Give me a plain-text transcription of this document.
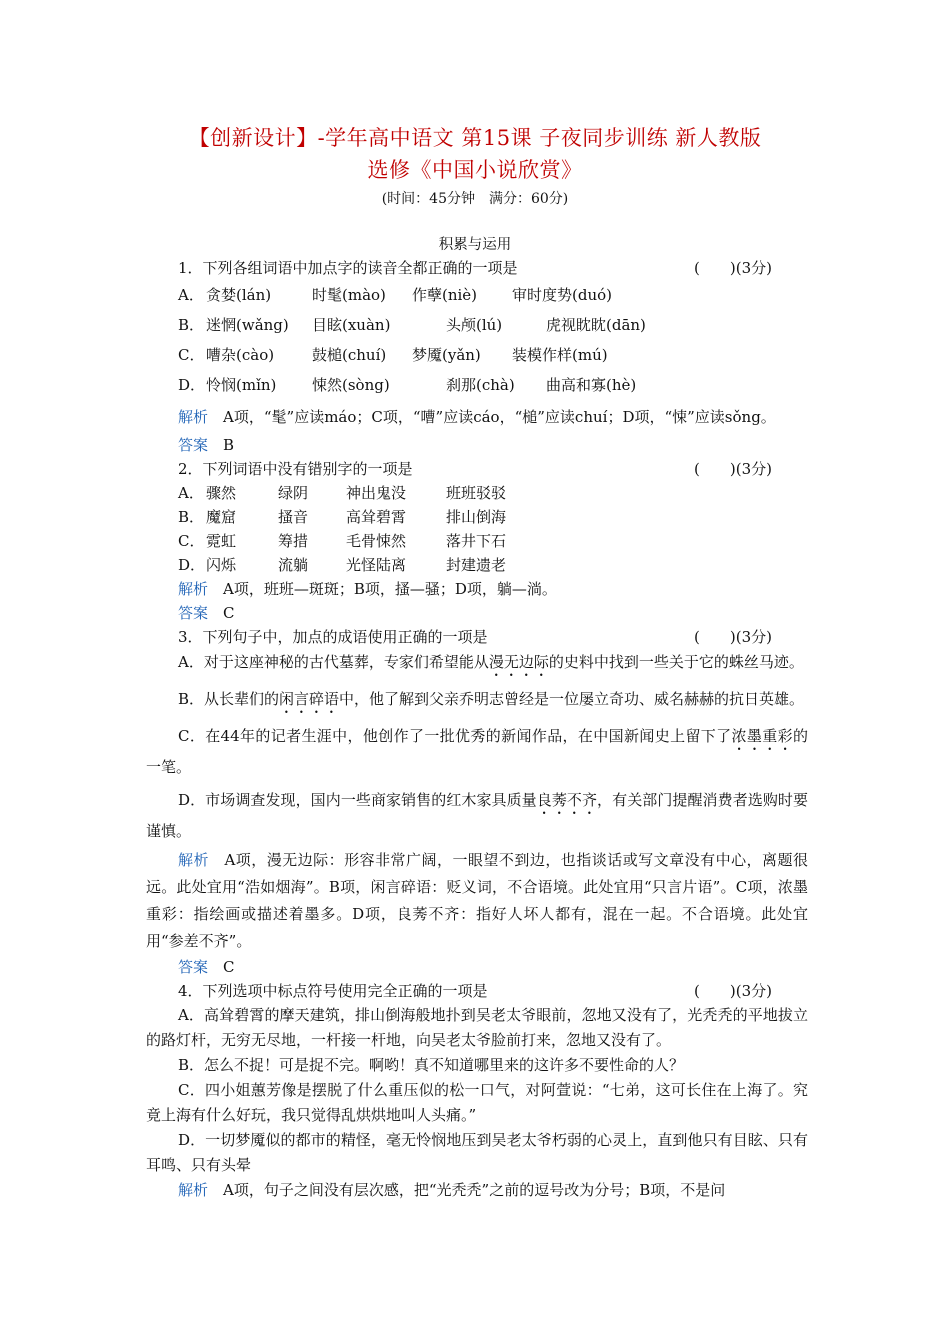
【创新设计】-学年高中语文 第15课 子夜同步训练 新人教版
选修《中国小说欣赏》
(时间：45分钟　满分：60分)
积累与运用
1．下列各组词语中加点字的读音全都正确的一项是	(　　)(3分)
A． 贪婪(lán)	时髦(mào) 作孽(niè) 审时度势(duó)
B． 迷惘(wǎng) 目眩(xuàn)	头颅(lú)	虎视眈眈(dān)
C． 嘈杂(cào)	鼓槌(chuí) 梦魇(yǎn) 装模作样(mú)
D．怜悯(mǐn) 悚然(sòng)	刹那(chà) 曲高和寡(hè)
解析　 A项，“髦”应读máo；C项，“嘈”应读cáo，“槌”应读chuí；D项，“悚”应读sǒng。
答案　 B
2．下列词语中没有错别字的一项是	(　　)(3分)
A． 骤然	绿阴	神出鬼没	班班驳驳
B． 魔窟	搔音	高耸碧霄	排山倒海
C． 霓虹	筹措	毛骨悚然	落井下石
D．闪烁	流躺	光怪陆离	封建遗老
解析　 A项，班班—斑斑；B项，搔—骚；D项，躺—淌。
答案　 C
3．下列句子中，加点的成语使用正确的一项是	(　　)(3分)
A．对于这座神秘的古代墓葬，专家们希望能从漫无边际的史料中找到一些关于它的蛛丝马迹。
B．从长辈们的闲言碎语中，他了解到父亲乔明志曾经是一位屡立奇功、威名赫赫的抗日英雄。
C．在44年的记者生涯中，他创作了一批优秀的新闻作品，在中国新闻史上留下了浓墨重彩的一笔。
D．市场调查发现，国内一些商家销售的红木家具质量良莠不齐，有关部门提醒消费者选购时要谨慎。
解析　 A项，漫无边际：形容非常广阔，一眼望不到边，也指谈话或写文章没有中心，离题很远。此处宜用“浩如烟海”。B项，闲言碎语：贬义词，不合语境。此处宜用“只言片语”。C项，浓墨重彩：指绘画或描述着墨多。D项，良莠不齐：指好人坏人都有，混在一起。不合语境。此处宜用“参差不齐”。
答案　 C
4．下列选项中标点符号使用完全正确的一项是	(　　)(3分)
A．高耸碧霄的摩天建筑，排山倒海般地扑到吴老太爷眼前，忽地又没有了，光秃秃的平地拔立的路灯杆，无穷无尽地，一杆接一杆地，向吴老太爷脸前打来，忽地又没有了。
B．怎么不捉！可是捉不完。啊哟！真不知道哪里来的这许多不要性命的人？
C．四小姐蕙芳像是摆脱了什么重压似的松一口气，对阿萱说：“七弟，这可长住在上海了。究竟上海有什么好玩，我只觉得乱烘烘地叫人头痛。”
D．一切梦魇似的都市的精怪，毫无怜悯地压到吴老太爷朽弱的心灵上，直到他只有目眩、只有耳鸣、只有头晕
解析　 A项，句子之间没有层次感，把“光秃秃”之前的逗号改为分号；B项，不是问
